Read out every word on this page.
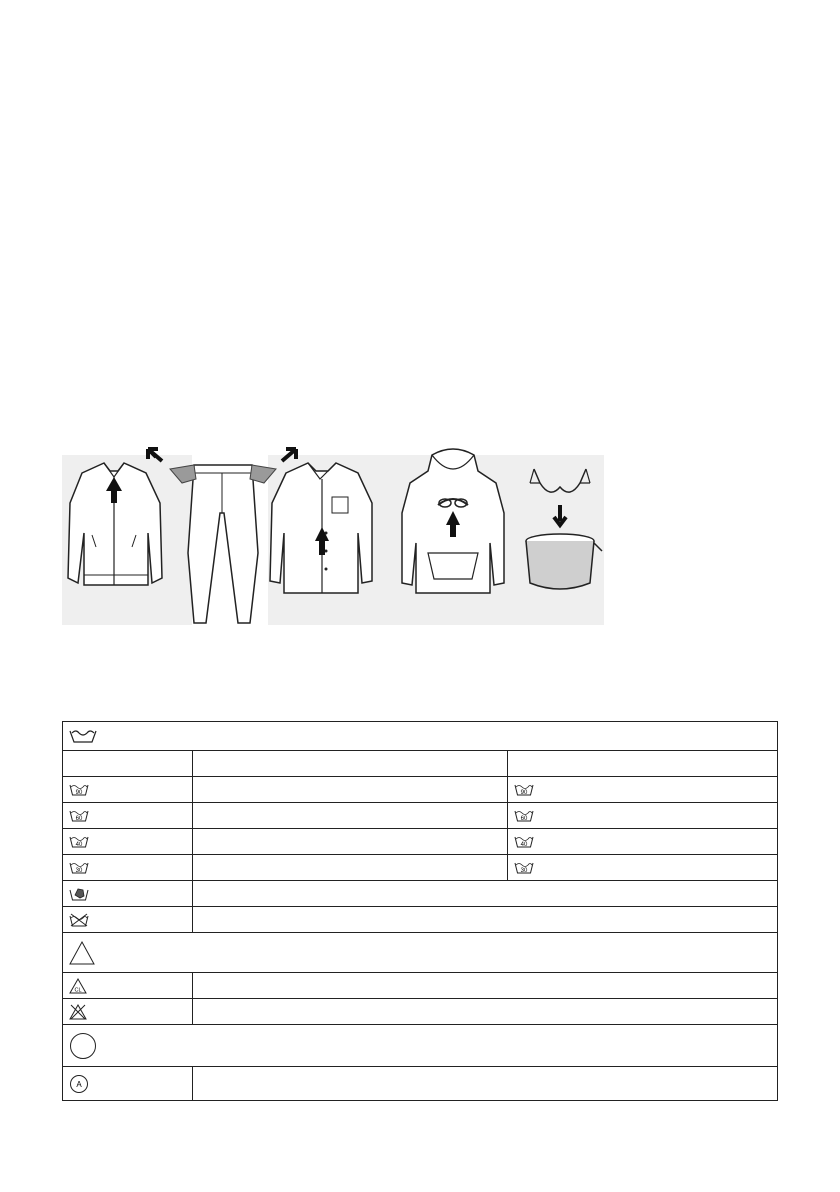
90	90
60	60
40	40
30	30
CL
A
